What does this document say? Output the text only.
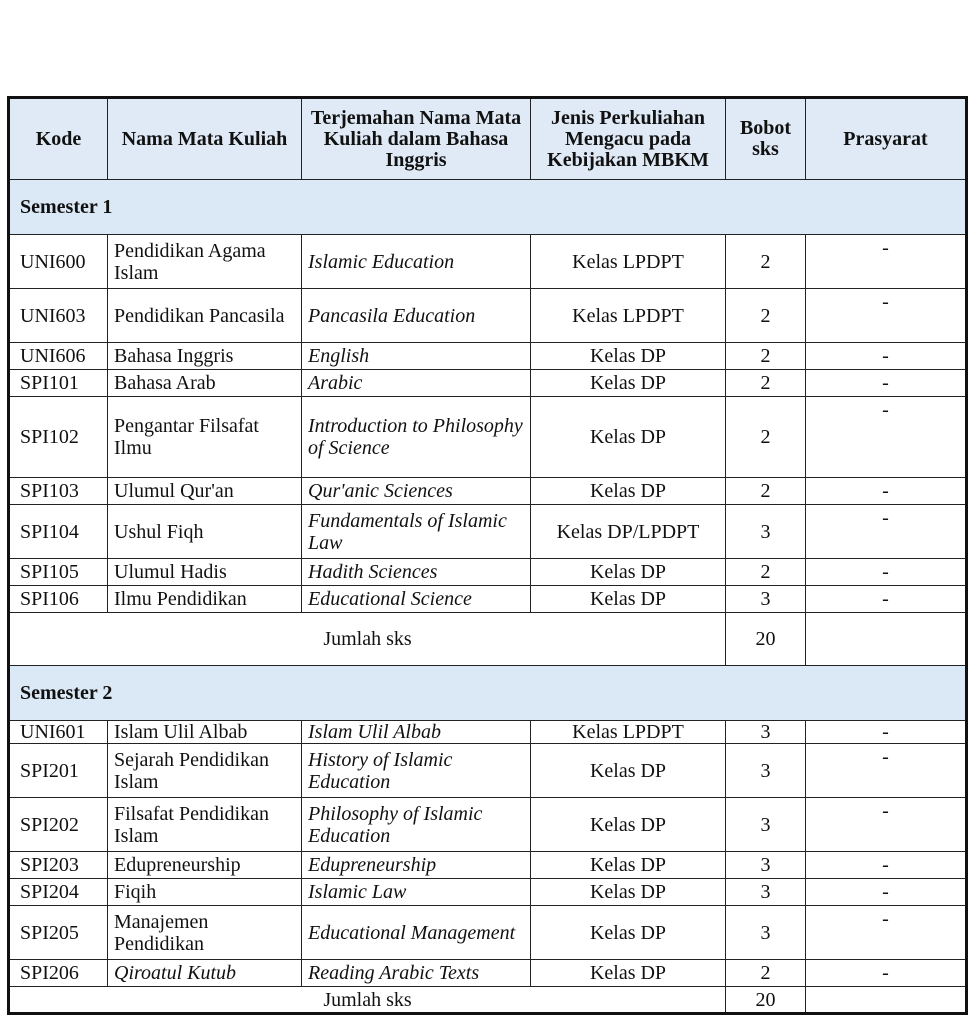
Kode	Nama Mata Kuliah	Terjemahan Nama Mata Kuliah dalam Bahasa Inggris	Jenis Perkuliahan Mengacu pada Kebijakan MBKM	Bobot sks	Prasyarat
Semester 1					
UNI600	Pendidikan Agama Islam	Islamic Education	Kelas LPDPT	2	-
UNI603	Pendidikan Pancasila	Pancasila Education	Kelas LPDPT	2	-
UNI606	Bahasa Inggris	English	Kelas DP	2	-
SPI101	Bahasa Arab	Arabic	Kelas DP	2	-
SPI102	Pengantar Filsafat Ilmu	Introduction to Philosophy of Science	Kelas DP	2	-
SPI103	Ulumul Qur'an	Qur'anic Sciences	Kelas DP	2	-
SPI104	Ushul Fiqh	Fundamentals of Islamic Law	Kelas DP/LPDPT	3	-
SPI105	Ulumul Hadis	Hadith Sciences	Kelas DP	2	-
SPI106	Ilmu Pendidikan	Educational Science	Kelas DP	3	-
Jumlah sks				20	
Semester 2					
UNI601	Islam Ulil Albab	Islam Ulil Albab	Kelas LPDPT	3	-
SPI201	Sejarah Pendidikan Islam	History of Islamic Education	Kelas DP	3	-
SPI202	Filsafat Pendidikan Islam	Philosophy of Islamic Education	Kelas DP	3	-
SPI203	Edupreneurship	Edupreneurship	Kelas DP	3	-
SPI204	Fiqih	Islamic Law	Kelas DP	3	-
SPI205	Manajemen Pendidikan	Educational Management	Kelas DP	3	-
SPI206	Qiroatul Kutub	Reading Arabic Texts	Kelas DP	2	-
Jumlah sks				20	
